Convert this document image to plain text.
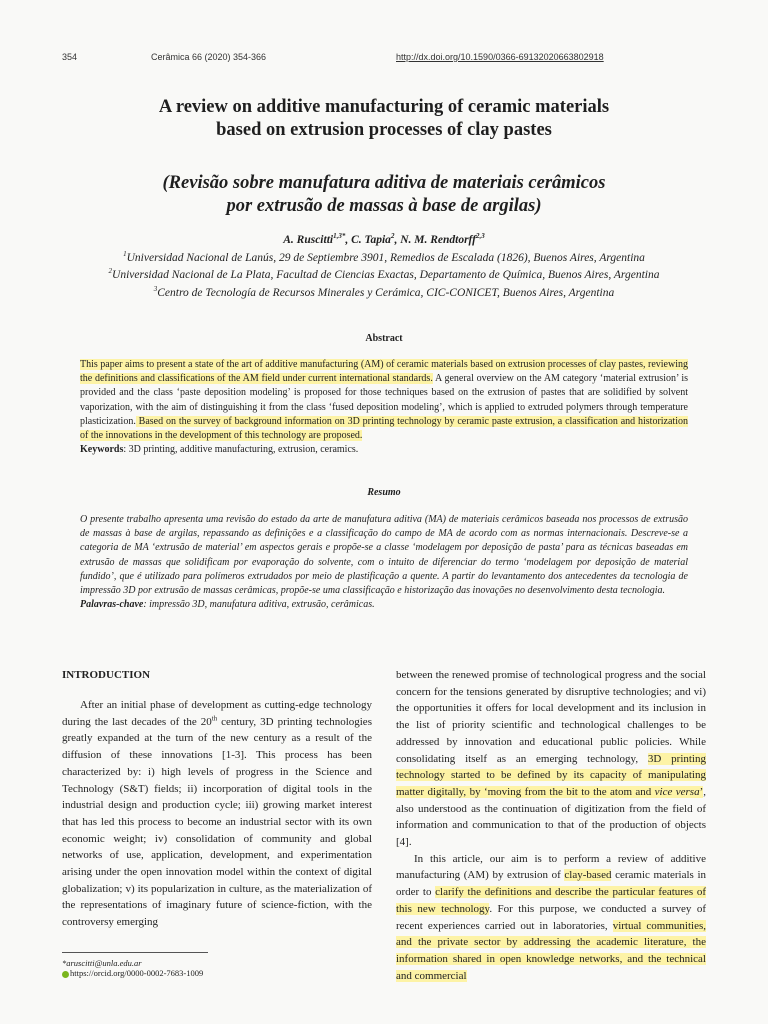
354	Cerâmica 66 (2020) 354-366	http://dx.doi.org/10.1590/0366-69132020663802918
A review on additive manufacturing of ceramic materials
based on extrusion processes of clay pastes
(Revisão sobre manufatura aditiva de materiais cerâmicos
por extrusão de massas à base de argilas)
A. Ruscitti$^{1,3*}$, C. Tapia$^2$, N. M. Rendtorff$^{2,3}$
$^1$Universidad Nacional de Lanús, 29 de Septiembre 3901, Remedios de Escalada (1826), Buenos Aires, Argentina
$^2$Universidad Nacional de La Plata, Facultad de Ciencias Exactas, Departamento de Química, Buenos Aires, Argentina
$^3$Centro de Tecnología de Recursos Minerales y Cerámica, CIC-CONICET, Buenos Aires, Argentina
Abstract
This paper aims to present a state of the art of additive manufacturing (AM) of ceramic materials based on extrusion processes of clay pastes, reviewing the definitions and classifications of the AM field under current international standards. A general overview on the AM category ‘material extrusion’ is provided and the class ‘paste deposition modeling’ is proposed for those techniques based on the extrusion of pastes that are solidified by solvent vaporization, with the aim of distinguishing it from the class ‘fused deposition modeling’, which is applied to extruded polymers through temperature plasticization. Based on the survey of background information on 3D printing technology by ceramic paste extrusion, a classification and historization of the innovations in the development of this technology are proposed.
Keywords: 3D printing, additive manufacturing, extrusion, ceramics.
Resumo
O presente trabalho apresenta uma revisão do estado da arte de manufatura aditiva (MA) de materiais cerâmicos baseada nos processos de extrusão de massas à base de argilas, repassando as definições e a classificação do campo de MA de acordo com as normas internacionais. Descreve-se a categoria de MA ‘extrusão de material’ em aspectos gerais e propõe-se a classe ‘modelagem por deposição de pasta’ para as técnicas baseadas em extrusão de massas que solidificam por evaporação do solvente, com o intuito de diferenciar do termo ‘modelagem por deposição de material fundido’, que é utilizado para polímeros extrudados por meio de plastificação a quente. A partir do levantamento dos antecedentes da tecnologia de impressão 3D por extrusão de massas cerâmicas, propõe-se uma classificação e historização das inovações no desenvolvimento desta tecnologia.
Palavras-chave: impressão 3D, manufatura aditiva, extrusão, cerâmicas.
INTRODUCTION

After an initial phase of development as cutting-edge technology during the last decades of the 20th century, 3D printing technologies greatly expanded at the turn of the new century as a result of the diffusion of these innovations [1-3]. This process has been characterized by: i) high levels of progress in the Science and Technology (S&T) fields; ii) incorporation of digital tools in the industrial design and production cycle; iii) growing market interest that has led this process to become an industrial sector with its own economic weight; iv) consolidation of community and global networks of use, application, development, and experimentation arising under the open innovation model within the context of digital globalization; v) its popularization in culture, as the materialization of the representations of imaginary future of science-fiction, with the controversy emerging

between the renewed promise of technological progress and the social concern for the tensions generated by disruptive technologies; and vi) the opportunities it offers for local development and its inclusion in the list of priority scientific and technological challenges to be addressed by innovation and educational public policies. While consolidating itself as an emerging technology, 3D printing technology started to be defined by its capacity of manipulating matter digitally, by ‘moving from the bit to the atom and vice versa’, also understood as the continuation of digitization from the field of information and communication to that of the production of objects [4].

In this article, our aim is to perform a review of additive manufacturing (AM) by extrusion of clay-based ceramic materials in order to clarify the definitions and describe the particular features of this new technology. For this purpose, we conducted a survey of recent experiences carried out in laboratories, virtual communities, and the private sector by addressing the academic literature, the information shared in open knowledge networks, and the technical and commercial

*aruscitti@unla.edu.ar
https://orcid.org/0000-0002-7683-1009
